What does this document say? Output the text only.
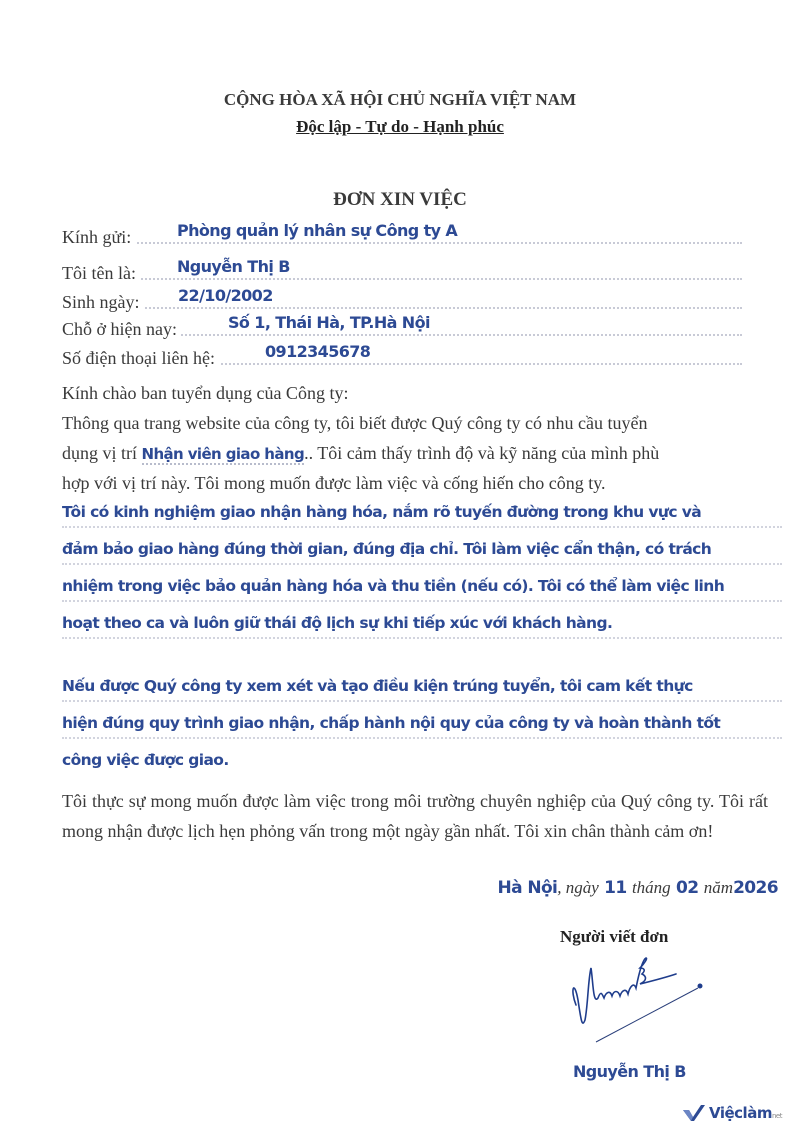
CỘNG HÒA XÃ HỘI CHỦ NGHĨA VIỆT NAM
Độc lập - Tự do - Hạnh phúc
ĐƠN XIN VIỆC
Kính gửi:	Phòng quản lý nhân sự Công ty A
Tôi tên là:	Nguyễn Thị B
Sinh ngày: 22/10/2002
Chỗ ở hiện nay:	Số 1, Thái Hà, TP.Hà Nội
Số điện thoại liên hệ:	0912345678
Kính chào ban tuyển dụng của Công ty:
Thông qua trang website của công ty, tôi biết được Quý công ty có nhu cầu tuyển
dụng vị trí Nhận viên giao hàng.. Tôi cảm thấy trình độ và kỹ năng của mình phù
hợp với vị trí này. Tôi mong muốn được làm việc và cống hiến cho công ty.
Tôi có kinh nghiệm giao nhận hàng hóa, nắm rõ tuyến đường trong khu vực và
đảm bảo giao hàng đúng thời gian, đúng địa chỉ. Tôi làm việc cẩn thận, có trách
nhiệm trong việc bảo quản hàng hóa và thu tiền (nếu có). Tôi có thể làm việc linh
hoạt theo ca và luôn giữ thái độ lịch sự khi tiếp xúc với khách hàng.
Nếu được Quý công ty xem xét và tạo điều kiện trúng tuyển, tôi cam kết thực
hiện đúng quy trình giao nhận, chấp hành nội quy của công ty và hoàn thành tốt
công việc được giao.
Tôi thực sự mong muốn được làm việc trong môi trường chuyên nghiệp của Quý công ty. Tôi rất mong nhận được lịch hẹn phỏng vấn trong một ngày gần nhất. Tôi xin chân thành cảm ơn!
Hà Nội, ngày 11 tháng 02 năm2026
Người viết đơn
Nguyễn Thị B
Việclàmnet
